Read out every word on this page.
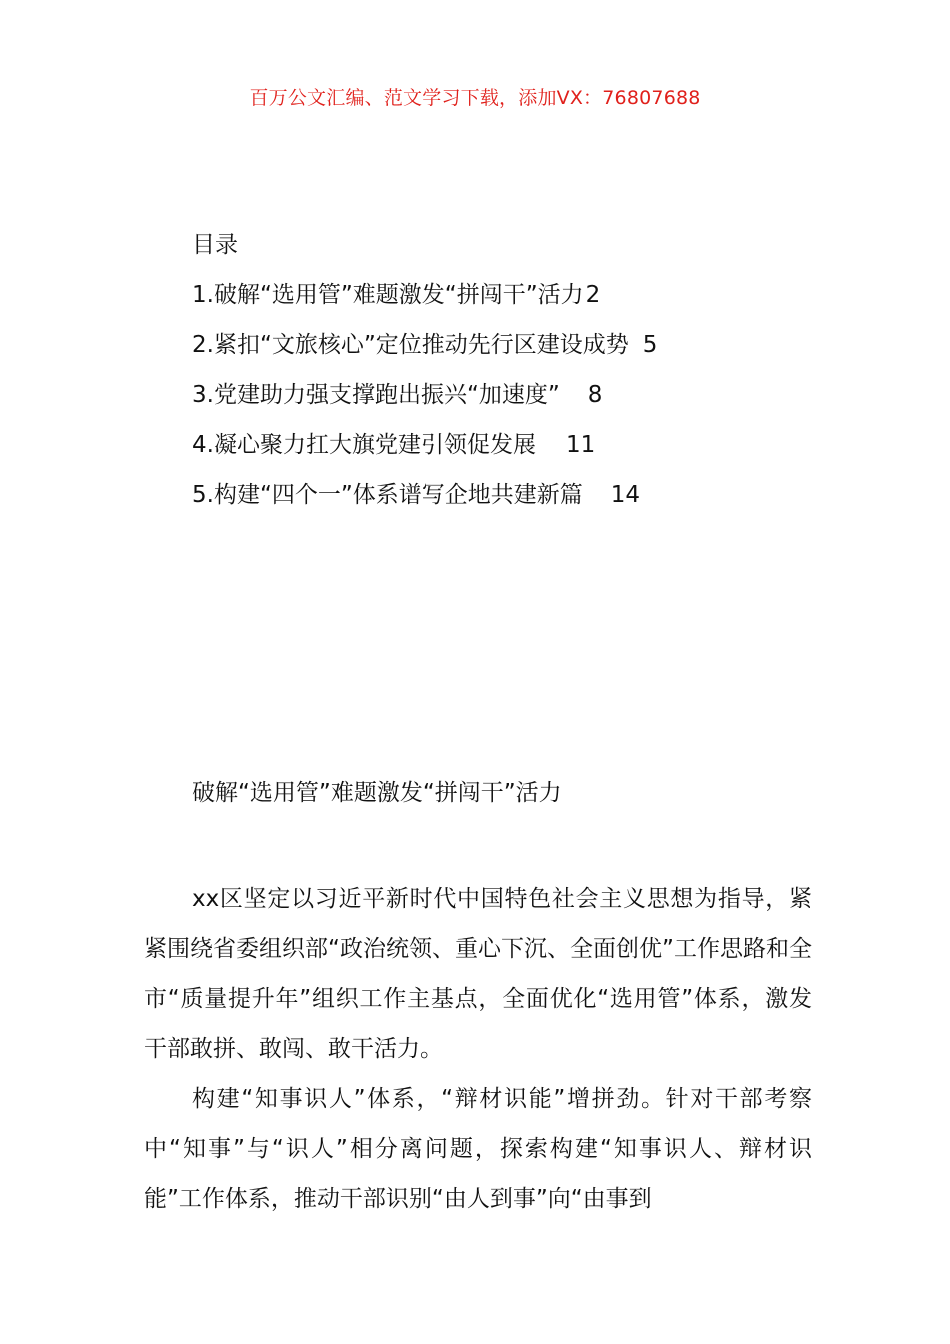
百万公文汇编、范文学习下载，添加VX：76807688
目录
1.破解“选用管”难题激发“拼闯干”活力2
2.紧扣“文旅核心”定位推动先行区建设成势 5
3.党建助力强支撑跑出振兴“加速度” 8
4.凝心聚力扛大旗党建引领促发展 11
5.构建“四个一”体系谱写企地共建新篇 14
破解“选用管”难题激发“拼闯干”活力

xx区坚定以习近平新时代中国特色社会主义思想为指导，紧紧围绕省委组织部“政治统领、重心下沉、全面创优”工作思路和全市“质量提升年”组织工作主基点，全面优化“选用管”体系，激发干部敢拼、敢闯、敢干活力。

构建“知事识人”体系，“辩材识能”增拼劲。针对干部考察中“知事”与“识人”相分离问题，探索构建“知事识人、辩材识能”工作体系，推动干部识别“由人到事”向“由事到
